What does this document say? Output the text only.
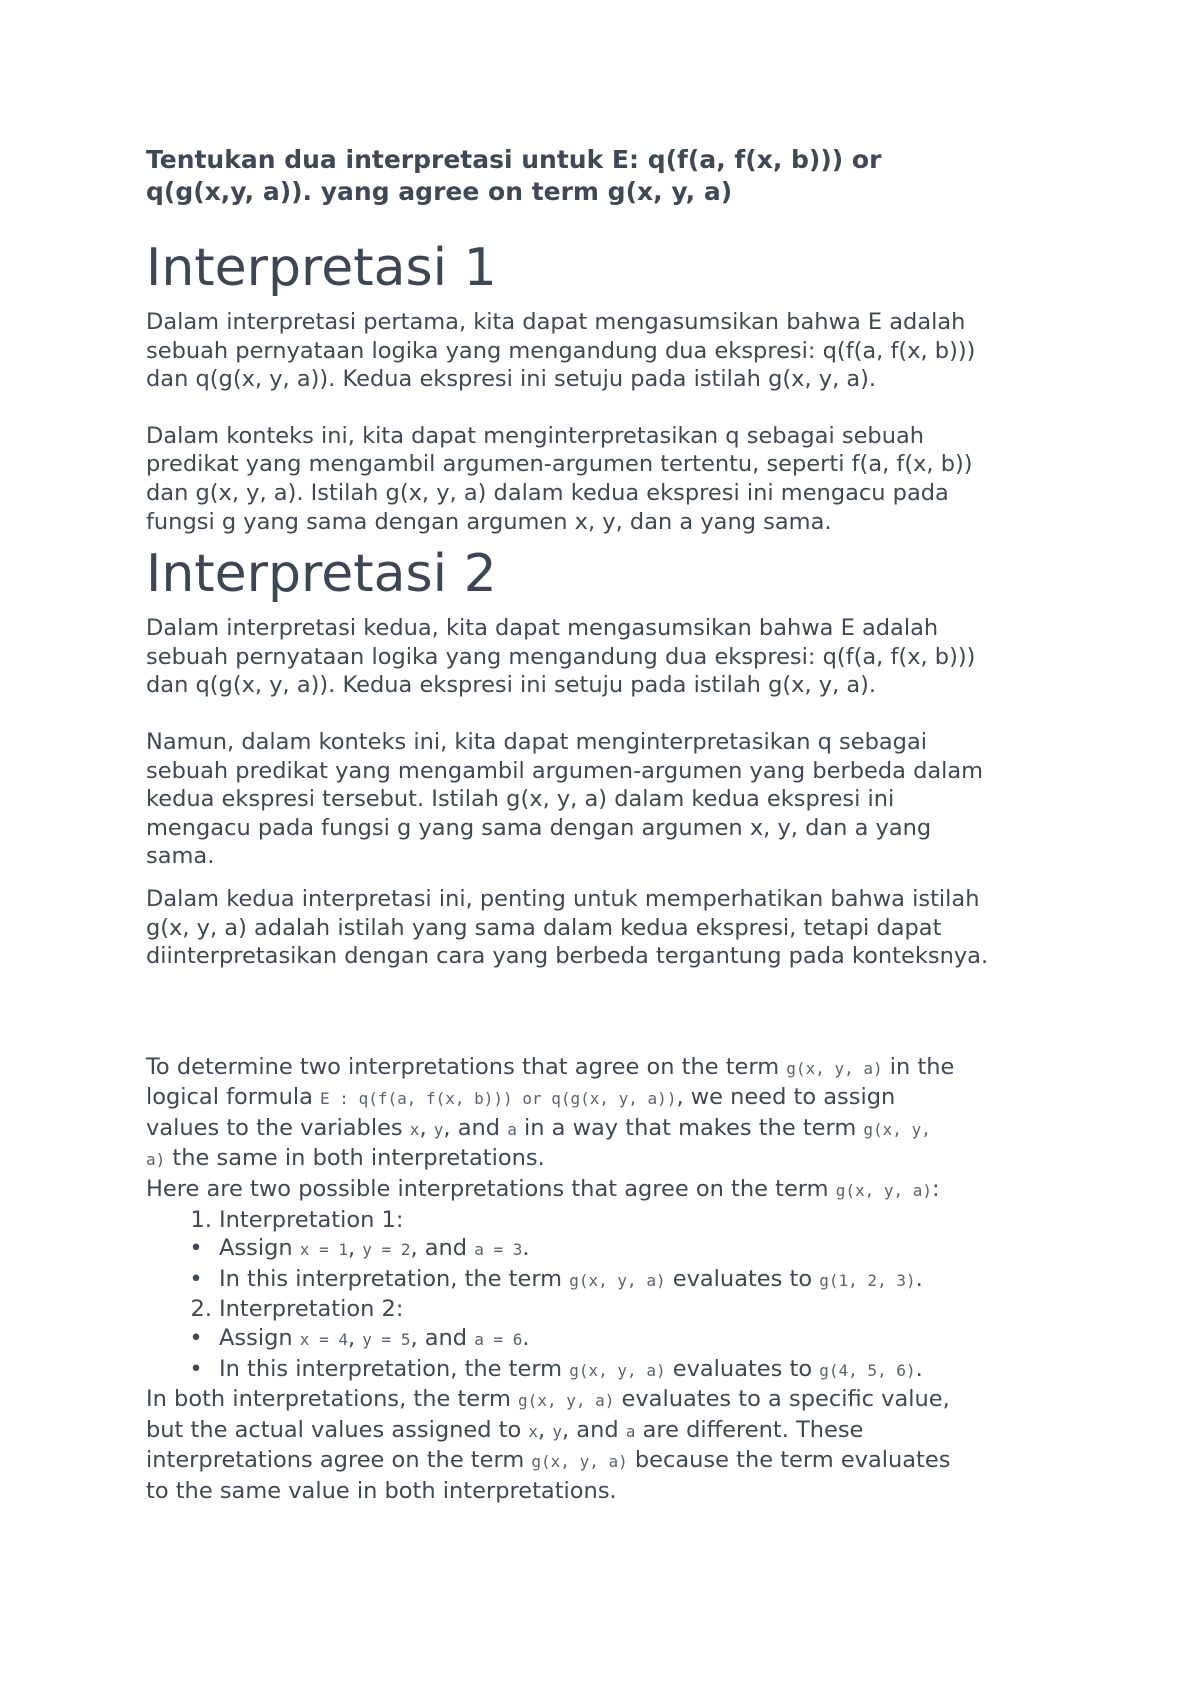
Tentukan dua interpretasi untuk E: q(f(a, f(x, b))) or
q(g(x,y, a)). yang agree on term g(x, y, a)

Interpretasi 1

Dalam interpretasi pertama, kita dapat mengasumsikan bahwa E adalah
sebuah pernyataan logika yang mengandung dua ekspresi: q(f(a, f(x, b)))
dan q(g(x, y, a)). Kedua ekspresi ini setuju pada istilah g(x, y, a).

Dalam konteks ini, kita dapat menginterpretasikan q sebagai sebuah
predikat yang mengambil argumen-argumen tertentu, seperti f(a, f(x, b))
dan g(x, y, a). Istilah g(x, y, a) dalam kedua ekspresi ini mengacu pada
fungsi g yang sama dengan argumen x, y, dan a yang sama.

Interpretasi 2

Dalam interpretasi kedua, kita dapat mengasumsikan bahwa E adalah
sebuah pernyataan logika yang mengandung dua ekspresi: q(f(a, f(x, b)))
dan q(g(x, y, a)). Kedua ekspresi ini setuju pada istilah g(x, y, a).

Namun, dalam konteks ini, kita dapat menginterpretasikan q sebagai
sebuah predikat yang mengambil argumen-argumen yang berbeda dalam
kedua ekspresi tersebut. Istilah g(x, y, a) dalam kedua ekspresi ini
mengacu pada fungsi g yang sama dengan argumen x, y, dan a yang
sama.

Dalam kedua interpretasi ini, penting untuk memperhatikan bahwa istilah
g(x, y, a) adalah istilah yang sama dalam kedua ekspresi, tetapi dapat
diinterpretasikan dengan cara yang berbeda tergantung pada konteksnya.

To determine two interpretations that agree on the term g(x, y, a) in the
logical formula E : q(f(a, f(x, b))) or q(g(x, y, a)), we need to assign
values to the variables x, y, and a in a way that makes the term g(x, y,
a) the same in both interpretations.

Here are two possible interpretations that agree on the term g(x, y, a):

1. Interpretation 1:
• Assign x = 1, y = 2, and a = 3.
• In this interpretation, the term g(x, y, a) evaluates to g(1, 2, 3).
2. Interpretation 2:
• Assign x = 4, y = 5, and a = 6.
• In this interpretation, the term g(x, y, a) evaluates to g(4, 5, 6).

In both interpretations, the term g(x, y, a) evaluates to a specific value,
but the actual values assigned to x, y, and a are different. These
interpretations agree on the term g(x, y, a) because the term evaluates
to the same value in both interpretations.
